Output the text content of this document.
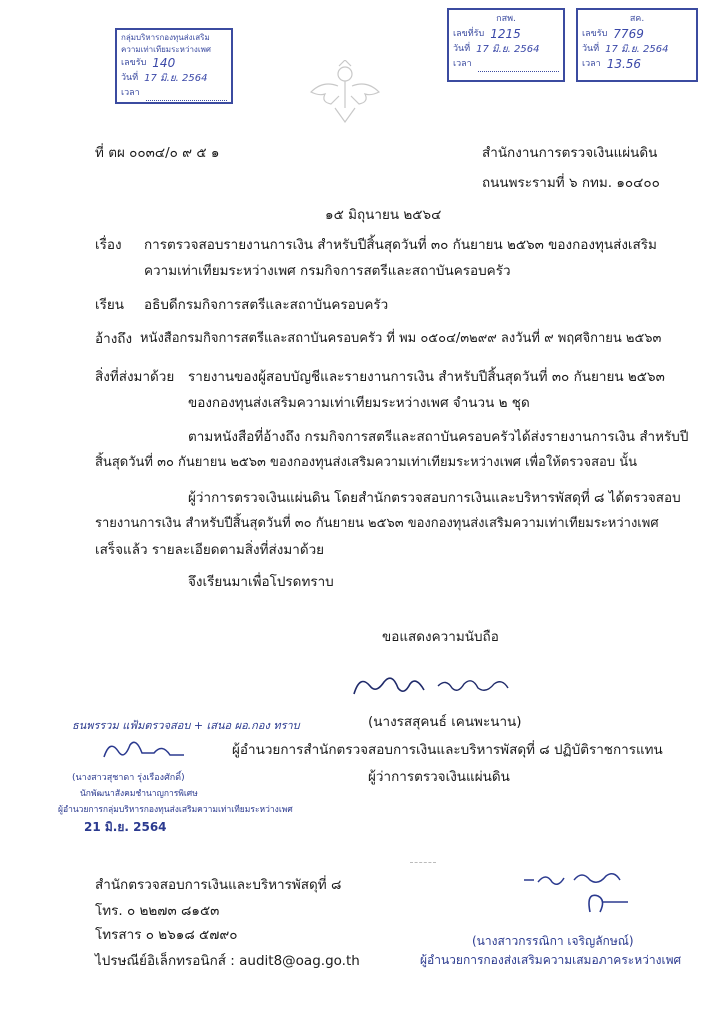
กลุ่มบริหารกองทุนส่งเสริม
ความเท่าเทียมระหว่างเพศ
เลขรับ 140
วันที่ 17 มิ.ย. 2564
เวลา
กสพ.
เลขที่รับ 1215
วันที่ 17 มิ.ย. 2564
เวลา
สค.
เลขรับ 7769
วันที่ 17 มิ.ย. 2564
เวลา 13.56
ที่ ตผ ๐๐๓๔/๐ ๙ ๕ ๑	สำนักงานการตรวจเงินแผ่นดิน
ถนนพระรามที่ ๖ กทม. ๑๐๔๐๐
๑๕ มิถุนายน ๒๕๖๔
เรื่อง การตรวจสอบรายงานการเงิน สำหรับปีสิ้นสุดวันที่ ๓๐ กันยายน ๒๕๖๓ ของกองทุนส่งเสริม
ความเท่าเทียมระหว่างเพศ กรมกิจการสตรีและสถาบันครอบครัว
เรียน อธิบดีกรมกิจการสตรีและสถาบันครอบครัว
อ้างถึง หนังสือกรมกิจการสตรีและสถาบันครอบครัว ที่ พม ๐๕๐๔/๓๒๙๙ ลงวันที่ ๙ พฤศจิกายน ๒๕๖๓
สิ่งที่ส่งมาด้วย รายงานของผู้สอบบัญชีและรายงานการเงิน สำหรับปีสิ้นสุดวันที่ ๓๐ กันยายน ๒๕๖๓
ของกองทุนส่งเสริมความเท่าเทียมระหว่างเพศ จำนวน ๒ ชุด
ตามหนังสือที่อ้างถึง กรมกิจการสตรีและสถาบันครอบครัวได้ส่งรายงานการเงิน สำหรับปี
สิ้นสุดวันที่ ๓๐ กันยายน ๒๕๖๓ ของกองทุนส่งเสริมความเท่าเทียมระหว่างเพศ เพื่อให้ตรวจสอบ นั้น
ผู้ว่าการตรวจเงินแผ่นดิน โดยสำนักตรวจสอบการเงินและบริหารพัสดุที่ ๘ ได้ตรวจสอบ
รายงานการเงิน สำหรับปีสิ้นสุดวันที่ ๓๐ กันยายน ๒๕๖๓ ของกองทุนส่งเสริมความเท่าเทียมระหว่างเพศ
เสร็จแล้ว รายละเอียดตามสิ่งที่ส่งมาด้วย
จึงเรียนมาเพื่อโปรดทราบ
ขอแสดงความนับถือ
(นางรสสุคนธ์ เคนพะนาน)
ผู้อำนวยการสำนักตรวจสอบการเงินและบริหารพัสดุที่ ๘ ปฏิบัติราชการแทน
ผู้ว่าการตรวจเงินแผ่นดิน
ธนพรรวม แฟ้มตรวจสอบ + เสนอ ผอ.กอง ทราบ
(นางสาวสุชาดา รุ่งเรืองศักดิ์)
นักพัฒนาสังคมชำนาญการพิเศษ
ผู้อำนวยการกลุ่มบริหารกองทุนส่งเสริมความเท่าเทียมระหว่างเพศ
21 มิ.ย. 2564
สำนักตรวจสอบการเงินและบริหารพัสดุที่ ๘
โทร. ๐ ๒๒๗๓ ๘๑๕๓
โทรสาร ๐ ๒๖๑๘ ๕๗๙๐
ไปรษณีย์อิเล็กทรอนิกส์ : audit8@oag.go.th
(นางสาวกรรณิกา เจริญลักษณ์)
ผู้อำนวยการกองส่งเสริมความเสมอภาคระหว่างเพศ
